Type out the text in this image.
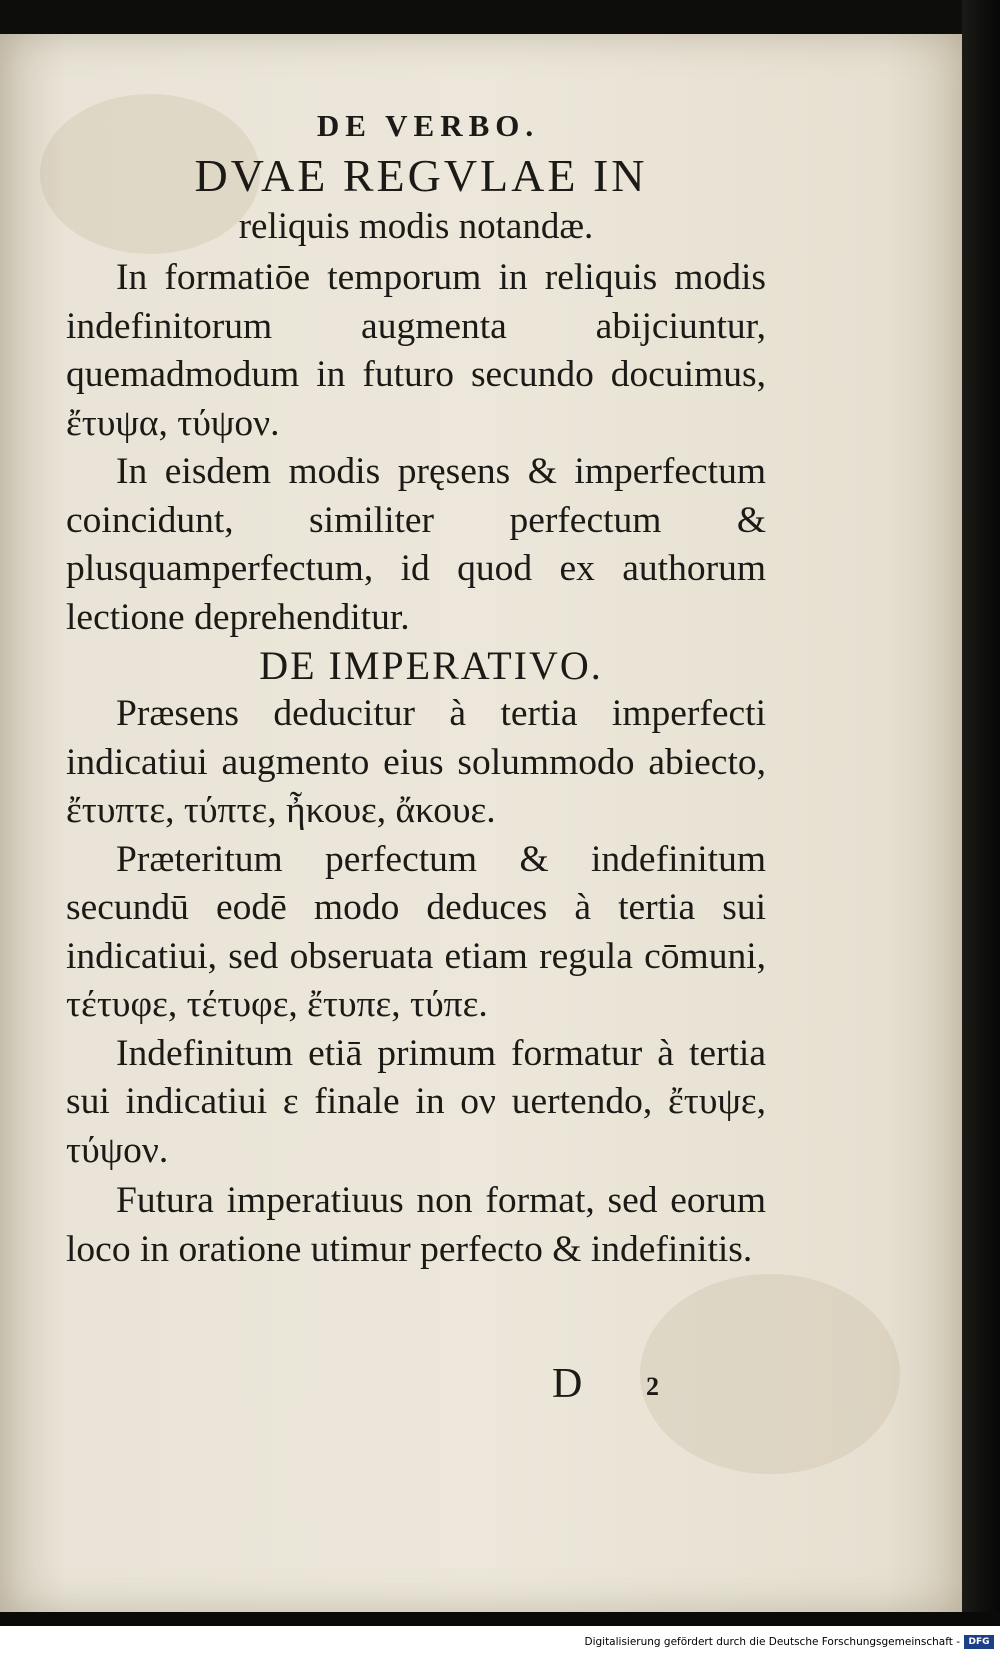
DE VERBO.
DVAE REGVLAE IN
reliquis modis notandæ.

In formatiōe temporum in reliquis modis indefinitorum augmenta abijciuntur, quemadmodum in futuro secundo docuimus, ἔτυψα, τύψον.

In eisdem modis pręsens & imperfectum coincidunt, similiter perfectum & plusquamperfectum, id quod ex authorum lectione deprehenditur.

DE IMPERATIVO.

Præsens deducitur à tertia imperfecti indicatiui augmento eius solummodo abiecto, ἔτυπτε, τύπτε, ἦκουε, ἄκουε.

Præteritum perfectum & indefinitum secundū eodē modo deduces à tertia sui indicatiui, sed obseruata etiam regula cōmuni, τέτυφε, τέτυφε, ἔτυπε, τύπε.

Indefinitum etiā primum formatur à tertia sui indicatiui ε finale in ον uertendo, ἔτυψε, τύψον.

Futura imperatiuus non format, sed eorum loco in oratione utimur perfecto & indefinitis.

D 2
Digitalisierung gefördert durch die Deutsche Forschungsgemeinschaft - DFG
